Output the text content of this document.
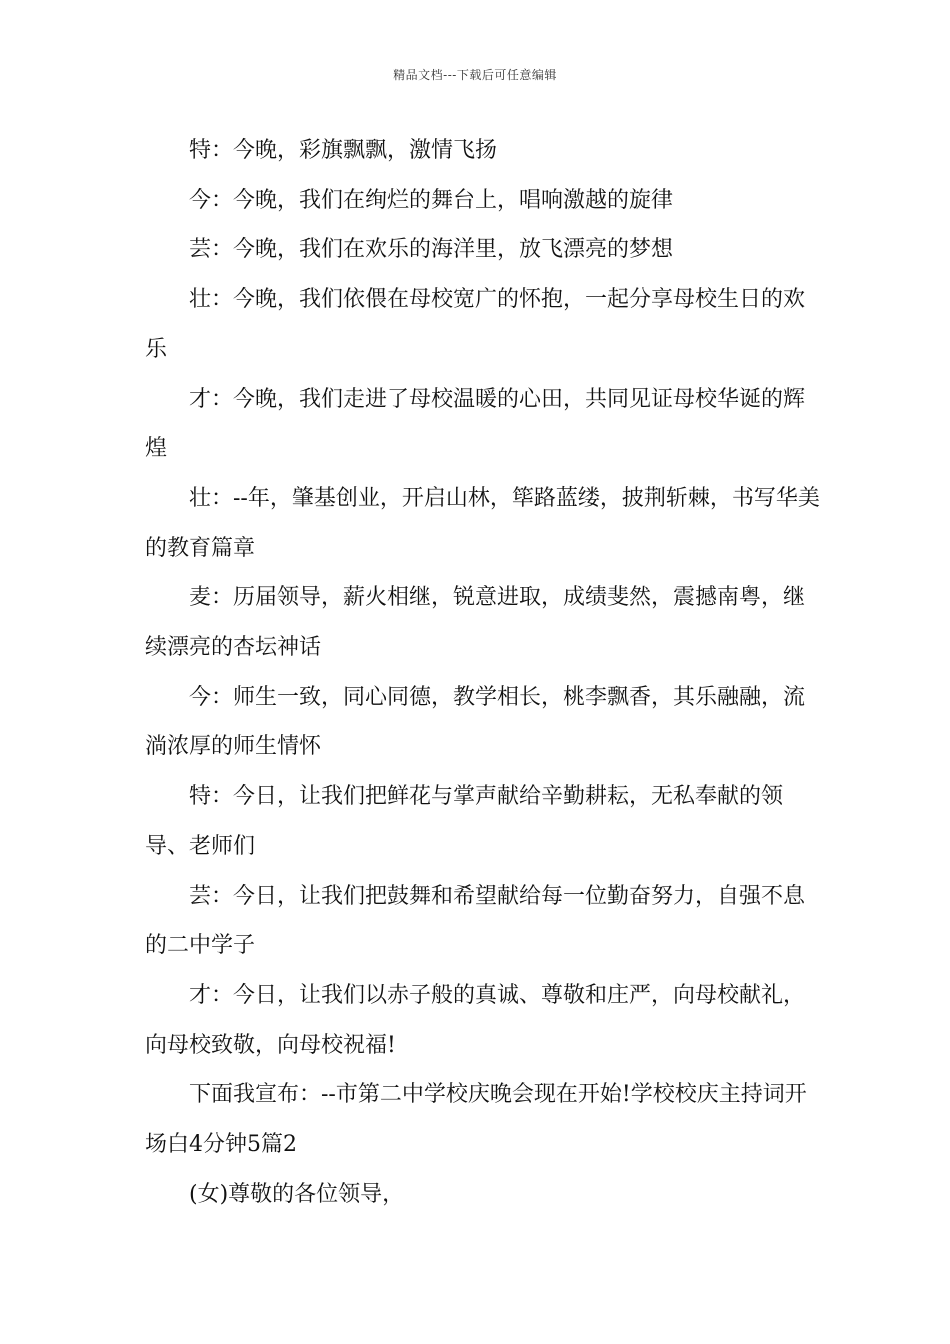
精品文档---下载后可任意编辑

特：今晚，彩旗飘飘，激情飞扬

今：今晚，我们在绚烂的舞台上，唱响激越的旋律

芸：今晚，我们在欢乐的海洋里，放飞漂亮的梦想

壮：今晚，我们依偎在母校宽广的怀抱，一起分享母校生日的欢乐

才：今晚，我们走进了母校温暖的心田，共同见证母校华诞的辉煌

壮：--年，肇基创业，开启山林，筚路蓝缕，披荆斩棘，书写华美的教育篇章

麦：历届领导，薪火相继，锐意进取，成绩斐然，震撼南粤，继续漂亮的杏坛神话

今：师生一致，同心同德，教学相长，桃李飘香，其乐融融，流淌浓厚的师生情怀

特：今日，让我们把鲜花与掌声献给辛勤耕耘，无私奉献的领导、老师们

芸：今日，让我们把鼓舞和希望献给每一位勤奋努力，自强不息的二中学子

才：今日，让我们以赤子般的真诚、尊敬和庄严，向母校献礼，向母校致敬，向母校祝福!

下面我宣布：--市第二中学校庆晚会现在开始!学校校庆主持词开场白4分钟5篇2

(女)尊敬的各位领导，
